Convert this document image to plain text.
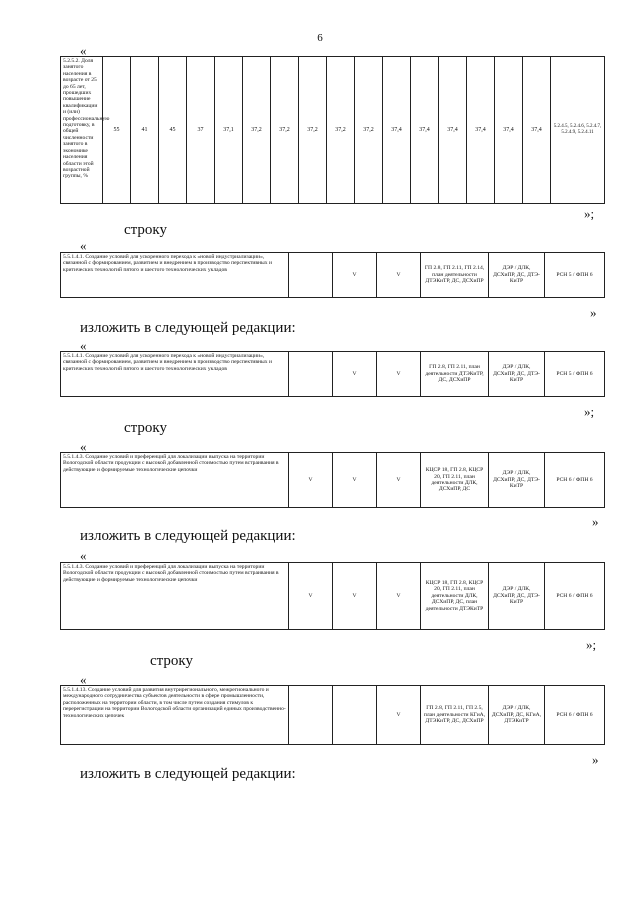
6
«
5.2.5.2. Доля занятого населения в возрасте от 25 до 65 лет, прошедших повышение квалификации и (или) профессиональную подготовку, в общей численности занятого в экономике населения области этой возрастной группы, %	55	41	45	37	37,1	37,2	37,2	37,2	37,2	37,2	37,4	37,4	37,4	37,4	37,4	37,4	5.2.4.5, 5.2.4.6, 5.2.4.7, 5.2.4.9, 5.2.4.11
»;
строку
«
5.5.1.4.1. Создание условий для ускоренного перехода к «новой индустриализации», связанной с формированием, развитием и внедрением в производство перспективных и критических технологий пятого и шестого технологических укладов		V	V	ГП 2.8, ГП 2.11, ГП 2.14, план деятельности ДТЭКиТР, ДС, ДСХиПР	ДЭР / ДЛК, ДСХиПР, ДС, ДТЭ-КиТР	РСН 5 / ФПН 6
»
изложить в следующей редакции:
«
5.5.1.4.1. Создание условий для ускоренного перехода к «новой индустриализации», связанной с формированием, развитием и внедрением в производство перспективных и критических технологий пятого и шестого технологических укладов		V	V	ГП 2.8, ГП 2.11, план деятельности ДТЭКиТР, ДС, ДСХиПР	ДЭР / ДЛК, ДСХиПР, ДС, ДТЭ-КиТР	РСН 5 / ФПН 6
»;
строку
«
5.5.1.4.3. Создание условий и преференций для локализации выпуска на территории Вологодской области продукции с высокой добавленной стоимостью путем встраивания в действующие и формируемые технологические цепочки	V	V	V	КЦСР 18, ГП 2.8, КЦСР 20, ГП 2.11, план деятельности ДЛК, ДСХиПР, ДС	ДЭР / ДЛК, ДСХиПР, ДС, ДТЭ-КиТР	РСН 6 / ФПН 6
»
изложить в следующей редакции:
«
5.5.1.4.3. Создание условий и преференций для локализации выпуска на территории Вологодской области продукции с высокой добавленной стоимостью путем встраивания в действующие и формируемые технологические цепочки	V	V	V	КЦСР 18, ГП 2.8, КЦСР 20, ГП 2.11, план деятельности ДЛК, ДСХиПР, ДС, план деятельности ДТЭКиТР	ДЭР / ДЛК, ДСХиПР, ДС, ДТЭ-КиТР	РСН 6 / ФПН 6
»;
строку
«
5.5.1.4.13. Создание условий для развития внутрирегионального, межрегионального и международного сотрудничества субъектов деятельности в сфере промышленности, расположенных на территории области, в том числе путем создания стимулов к перерегистрации на территории Вологодской области организаций единых производственно-технологических цепочек			V	ГП 2.8, ГП 2.11, ГП 2.5, план деятельности КГиА, ДТЭКиТР, ДС, ДСХиПР	ДЭР / ДЛК, ДСХиПР, ДС, КГиА, ДТЭКиТР	РСН 6 / ФПН 6
»
изложить в следующей редакции:
